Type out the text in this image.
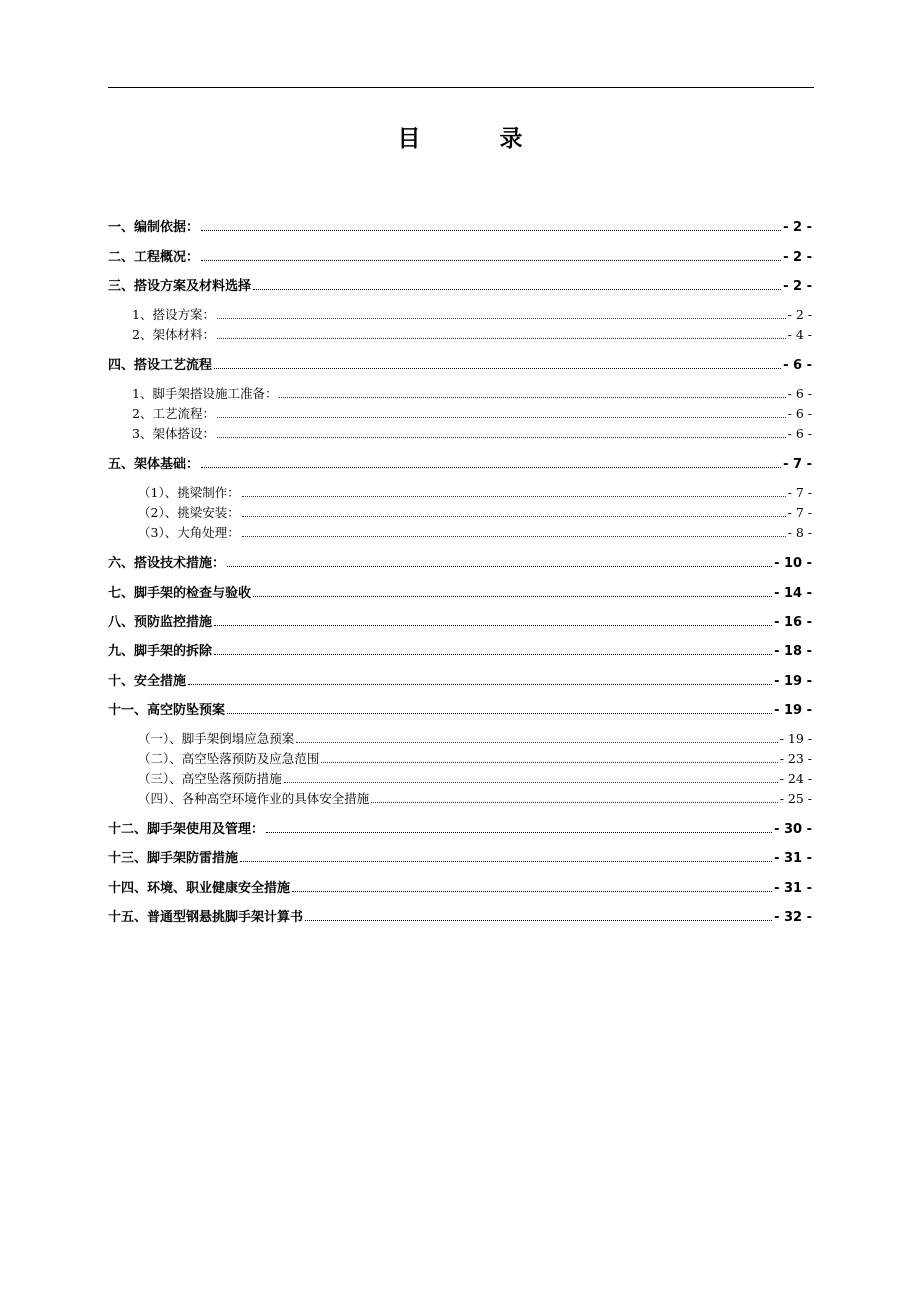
目　录
一、编制依据：	- 2 -
二、工程概况：	- 2 -
三、搭设方案及材料选择	- 2 -
1、搭设方案：	- 2 -
2、架体材料：	- 4 -
四、搭设工艺流程	- 6 -
1、脚手架搭设施工准备：	- 6 -
2、工艺流程：	- 6 -
3、架体搭设：	- 6 -
五、架体基础：	- 7 -
（1）、挑梁制作：	- 7 -
（2）、挑梁安装：	- 7 -
（3）、大角处理：	- 8 -
六、搭设技术措施：	- 10 -
七、脚手架的检查与验收	- 14 -
八、预防监控措施	- 16 -
九、脚手架的拆除	- 18 -
十、安全措施	- 19 -
十一、高空防坠预案	- 19 -
（一）、脚手架倒塌应急预案	- 19 -
（二）、高空坠落预防及应急范围	- 23 -
（三）、高空坠落预防措施	- 24 -
（四）、各种高空环境作业的具体安全措施	- 25 -
十二、脚手架使用及管理：	- 30 -
十三、脚手架防雷措施	- 31 -
十四、环境、职业健康安全措施	- 31 -
十五、普通型钢悬挑脚手架计算书	- 32 -
